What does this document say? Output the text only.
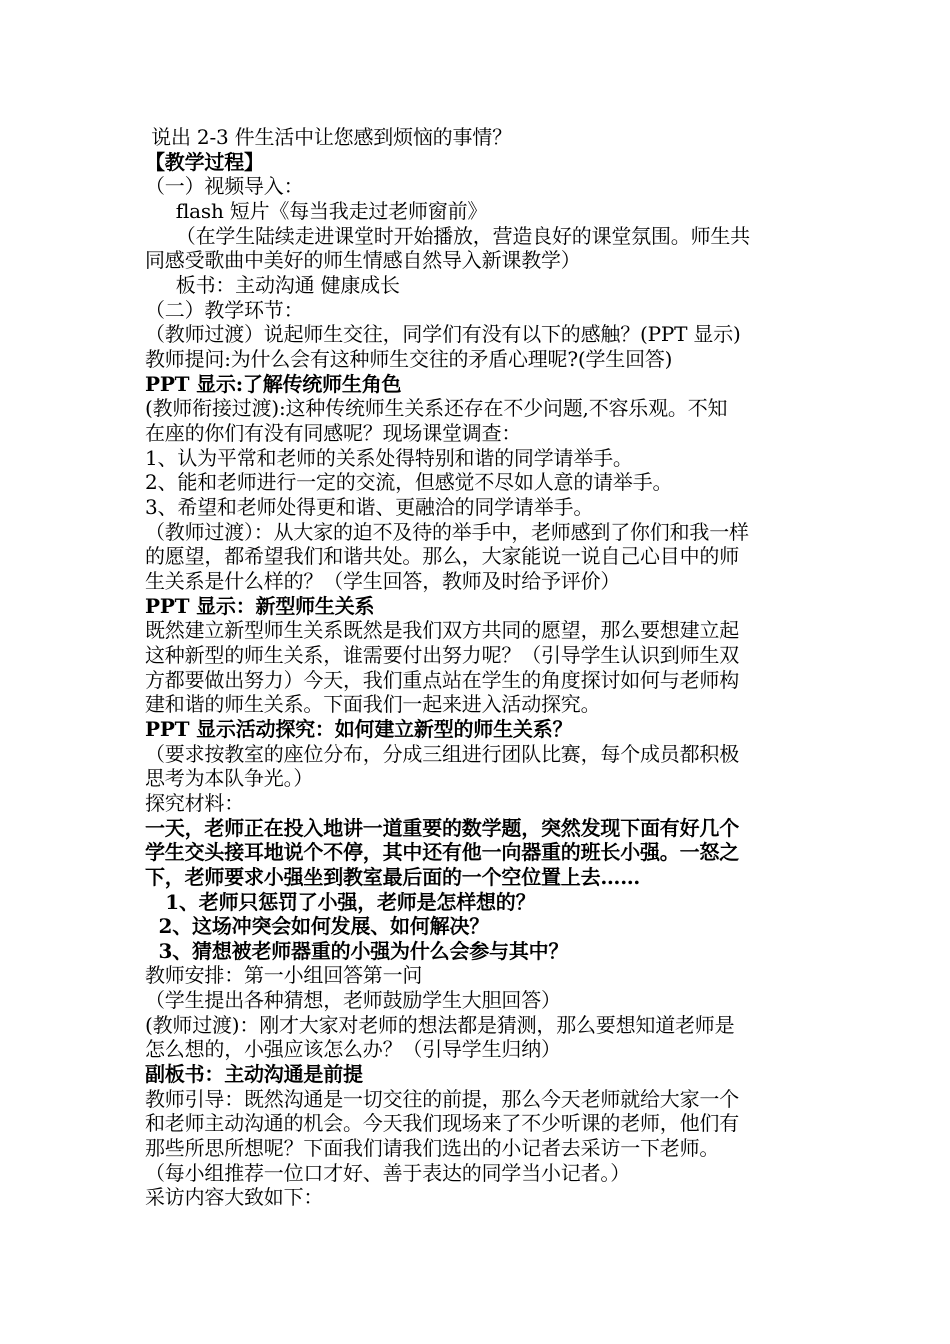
说出 2-3 件生活中让您感到烦恼的事情？
【教学过程】
（一）视频导入：
flash 短片《每当我走过老师窗前》
（在学生陆续走进课堂时开始播放，营造良好的课堂氛围。师生共
同感受歌曲中美好的师生情感自然导入新课教学）
板书：主动沟通 健康成长
（二）教学环节：
（教师过渡）说起师生交往，同学们有没有以下的感触？(PPT 显示)
教师提问:为什么会有这种师生交往的矛盾心理呢?(学生回答)
PPT 显示:了解传统师生角色
(教师衔接过渡):这种传统师生关系还存在不少问题,不容乐观。不知
在座的你们有没有同感呢？现场课堂调查：
1、认为平常和老师的关系处得特别和谐的同学请举手。
2、能和老师进行一定的交流，但感觉不尽如人意的请举手。
3、希望和老师处得更和谐、更融洽的同学请举手。
（教师过渡）：从大家的迫不及待的举手中，老师感到了你们和我一样
的愿望，都希望我们和谐共处。那么，大家能说一说自己心目中的师
生关系是什么样的？（学生回答，教师及时给予评价）
PPT 显示：新型师生关系
既然建立新型师生关系既然是我们双方共同的愿望，那么要想建立起
这种新型的师生关系，谁需要付出努力呢？（引导学生认识到师生双
方都要做出努力）今天，我们重点站在学生的角度探讨如何与老师构
建和谐的师生关系。下面我们一起来进入活动探究。
PPT 显示活动探究：如何建立新型的师生关系？
（要求按教室的座位分布，分成三组进行团队比赛，每个成员都积极
思考为本队争光。）
探究材料：
一天，老师正在投入地讲一道重要的数学题，突然发现下面有好几个
学生交头接耳地说个不停，其中还有他一向器重的班长小强。一怒之
下，老师要求小强坐到教室最后面的一个空位置上去……
1、老师只惩罚了小强，老师是怎样想的？
2、这场冲突会如何发展、如何解决？
3、猜想被老师器重的小强为什么会参与其中？
教师安排：第一小组回答第一问
（学生提出各种猜想，老师鼓励学生大胆回答）
(教师过渡)：刚才大家对老师的想法都是猜测，那么要想知道老师是
怎么想的，小强应该怎么办？（引导学生归纳）
副板书：主动沟通是前提
教师引导：既然沟通是一切交往的前提，那么今天老师就给大家一个
和老师主动沟通的机会。今天我们现场来了不少听课的老师，他们有
那些所思所想呢？下面我们请我们选出的小记者去采访一下老师。
（每小组推荐一位口才好、善于表达的同学当小记者。）
采访内容大致如下：
